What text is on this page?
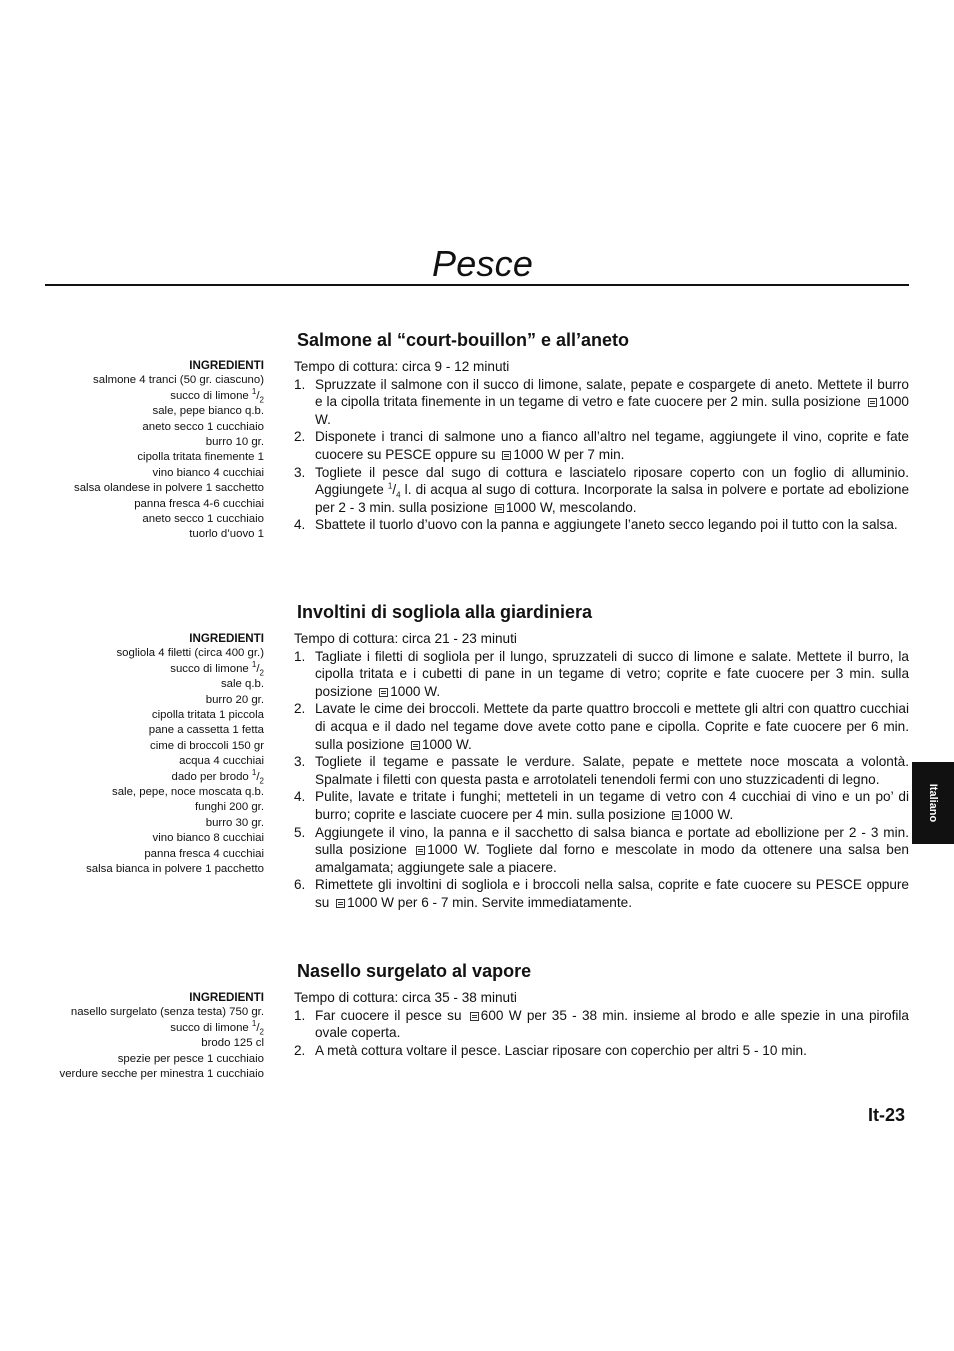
Pesce
Salmone al “court-bouillon” e all’aneto
INGREDIENTI
salmone 4 tranci (50 gr. ciascuno)
succo di limone $^1/_2$
sale, pepe bianco q.b.
aneto secco 1 cucchiaio
burro 10 gr.
cipolla tritata finemente 1
vino bianco 4 cucchiai
salsa olandese in polvere 1 sacchetto
panna fresca 4-6 cucchiai
aneto secco 1 cucchiaio
tuorlo d’uovo 1
Tempo di cottura: circa 9 - 12 minuti
1. Spruzzate il salmone con il succo di limone, salate, pepate e cospargete di aneto. Mettete il burro e la cipolla tritata finemente in un tegame di vetro e fate cuocere per 2 min. sulla posizione 1000 W.
2. Disponete i tranci di salmone uno a fianco all’altro nel tegame, aggiungete il vino, coprite e fate cuocere su PESCE oppure su 1000 W per 7 min.
3. Togliete il pesce dal sugo di cottura e lasciatelo riposare coperto con un foglio di alluminio. Aggiungete $^1/_4$ l. di acqua al sugo di cottura. Incorporate la salsa in polvere e portate ad ebolizione per 2 - 3 min. sulla posizione 1000 W, mescolando.
4. Sbattete il tuorlo d’uovo con la panna e aggiungete l’aneto secco legando poi il tutto con la salsa.
Involtini di sogliola alla giardiniera
INGREDIENTI
sogliola 4 filetti (circa 400 gr.)
succo di limone $^1/_2$
sale q.b.
burro 20 gr.
cipolla tritata 1 piccola
pane a cassetta 1 fetta
cime di broccoli 150 gr
acqua 4 cucchiai
dado per brodo $^1/_2$
sale, pepe, noce moscata q.b.
funghi 200 gr.
burro 30 gr.
vino bianco 8 cucchiai
panna fresca 4 cucchiai
salsa bianca in polvere 1 pacchetto
Tempo di cottura: circa 21 - 23 minuti
1. Tagliate i filetti di sogliola per il lungo, spruzzateli di succo di limone e salate. Mettete il burro, la cipolla tritata e i cubetti di pane in un tegame di vetro; coprite e fate cuocere per 3 min. sulla posizione 1000 W.
2. Lavate le cime dei broccoli. Mettete da parte quattro broccoli e mettete gli altri con quattro cucchiai di acqua e il dado nel tegame dove avete cotto pane e cipolla. Coprite e fate cuocere per 6 min. sulla posizione 1000 W.
3. Togliete il tegame e passate le verdure. Salate, pepate e mettete noce moscata a volontà. Spalmate i filetti con questa pasta e arrotolateli tenendoli fermi con uno stuzzicadenti di legno.
4. Pulite, lavate e tritate i funghi; metteteli in un tegame di vetro con 4 cucchiai di vino e un po’ di burro; coprite e lasciate cuocere per 4 min. sulla posizione 1000 W.
5. Aggiungete il vino, la panna e il sacchetto di salsa bianca e portate ad ebollizione per 2 - 3 min. sulla posizione 1000 W. Togliete dal forno e mescolate in modo da ottenere una salsa ben amalgamata; aggiungete sale a piacere.
6. Rimettete gli involtini di sogliola e i broccoli nella salsa, coprite e fate cuocere su PESCE oppure su 1000 W per 6 - 7 min. Servite immediatamente.
Nasello surgelato al vapore
INGREDIENTI
nasello surgelato (senza testa) 750 gr.
succo di limone $^1/_2$
brodo 125 cl
spezie per pesce 1 cucchiaio
verdure secche per minestra 1 cucchiaio
Tempo di cottura: circa 35 - 38 minuti
1. Far cuocere il pesce su 600 W per 35 - 38 min. insieme al brodo e alle spezie in una pirofila ovale coperta.
2. A metà cottura voltare il pesce. Lasciar riposare con coperchio per altri 5 - 10 min.
Italiano
It-23
